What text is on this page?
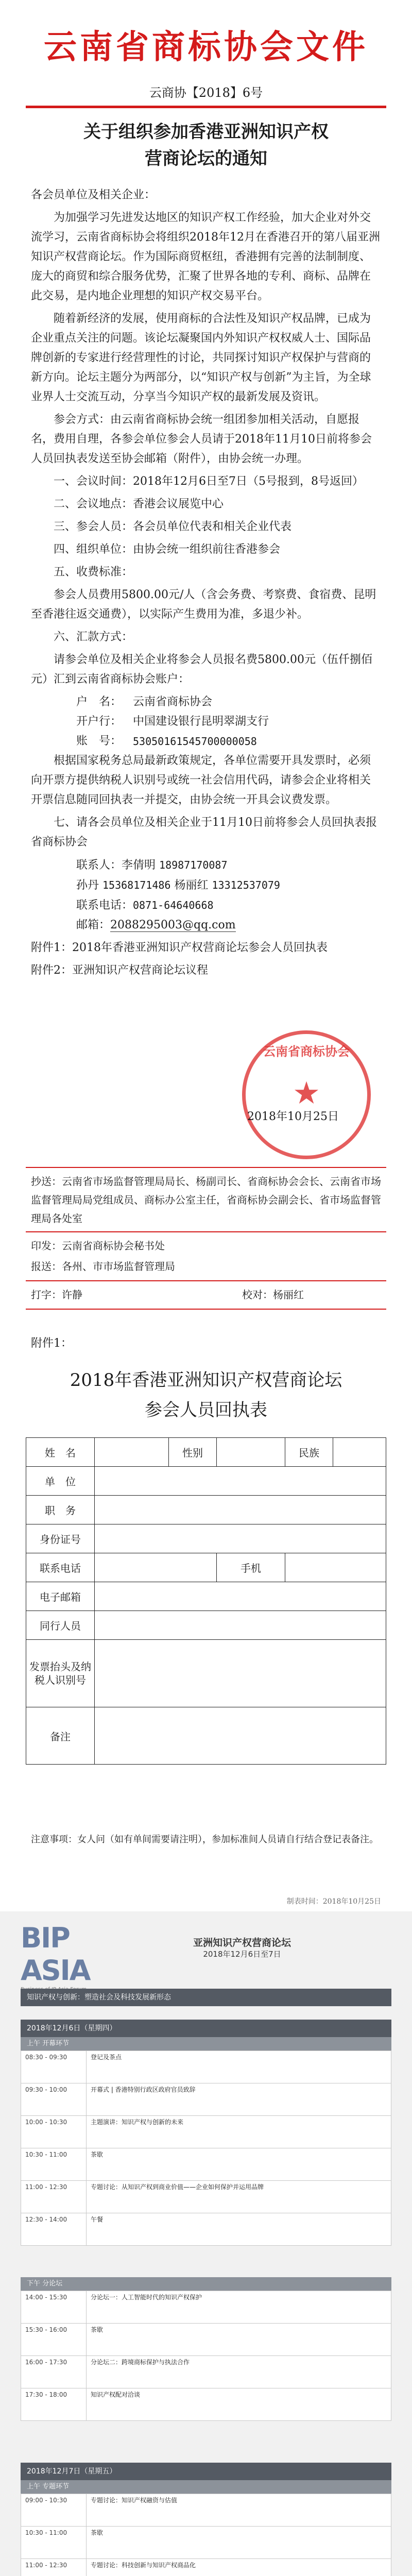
云南省商标协会文件
云商协【2018】6号
关于组织参加香港亚洲知识产权
营商论坛的通知

各会员单位及相关企业：

为加强学习先进发达地区的知识产权工作经验，加大企业对外交流学习，云南省商标协会将组织2018年12月在香港召开的第八届亚洲知识产权营商论坛。作为国际商贸枢纽，香港拥有完善的法制制度、庞大的商贸和综合服务优势，汇聚了世界各地的专利、商标、品牌在此交易，是内地企业理想的知识产权交易平台。

随着新经济的发展，使用商标的合法性及知识产权品牌，已成为企业重点关注的问题。该论坛凝聚国内外知识产权权威人士、国际品牌创新的专家进行经营理性的讨论，共同探讨知识产权保护与营商的新方向。论坛主题分为两部分，以“知识产权与创新”为主旨，为全球业界人士交流互动，分享当今知识产权的最新发展及资讯。

参会方式：由云南省商标协会统一组团参加相关活动，自愿报名，费用自理，各参会单位参会人员请于2018年11月10日前将参会人员回执表发送至协会邮箱（附件），由协会统一办理。

一、会议时间：2018年12月6日至7日（5号报到，8号返回）

二、会议地点：香港会议展览中心

三、参会人员：各会员单位代表和相关企业代表

四、组织单位：由协会统一组织前往香港参会

五、收费标准：

参会人员费用5800.00元/人（含会务费、考察费、食宿费、昆明至香港往返交通费），以实际产生费用为准，多退少补。

六、汇款方式：

请参会单位及相关企业将参会人员报名费5800.00元（伍仟捌佰元）汇到云南省商标协会账户：

户　名： 云南省商标协会
开户行： 中国建设银行昆明翠湖支行
账　号：	53050161545700000058

根据国家税务总局最新政策规定，各单位需要开具发票时，必须向开票方提供纳税人识别号或统一社会信用代码，请参会企业将相关开票信息随同回执表一并提交，由协会统一开具会议费发票。

七、请各会员单位及相关企业于11月10日前将参会人员回执表报省商标协会

联系人：李倩明 18987170087
孙丹 15368171486 杨丽红 13312537079
联系电话：0871-64640668
邮箱：2088295003@qq.com

附件1：2018年香港亚洲知识产权营商论坛参会人员回执表

附件2：亚洲知识产权营商论坛议程

云南省商标协会
★
2018年10月25日
抄送：云南省市场监督管理局局长、杨副司长、省商标协会会长、云南省市场监督管理局局党组成员、商标办公室主任，省商标协会副会长、省市场监督管理局各处室
印发：云南省商标协会秘书处
报送：各州、市市场监督管理局
打字：许静	校对：杨丽红
附件1：
2018年香港亚洲知识产权营商论坛
参会人员回执表
姓　名		性别		民族	
单　位					
职　务					
身份证号					
联系电话			手机		
电子邮箱					
同行人员					
发票抬头及纳税人识别号					
备注					
注意事项：女人问（如有单间需要请注明），参加标准间人员请自行结合登记表备注。
制表时间：2018年10月25日
BIP ASIA
亚洲知识产权营商论坛
2018年12月6日至7日
知识产权与创新：塑造社会及科技发展新形态
2018年12月6日（星期四）
上午 开幕环节
08:30 - 09:30	登记及茶点
09:30 - 10:00	开幕式 | 香港特别行政区政府官员致辞
10:00 - 10:30	主题演讲：知识产权与创新的未来
10:30 - 11:00	茶歇
11:00 - 12:30	专题讨论：从知识产权到商业价值——企业如何保护并运用品牌
12:30 - 14:00	午餐
下午 分论坛
14:00 - 15:30	分论坛一：人工智能时代的知识产权保护
15:30 - 16:00	茶歇
16:00 - 17:30	分论坛二：跨境商标保护与执法合作
17:30 - 18:00	知识产权配对洽谈
2018年12月7日（星期五）
上午 专题环节
09:00 - 10:30	专题讨论：知识产权融资与估值
10:30 - 11:00	茶歇
11:00 - 12:30	专题讨论：科技创新与知识产权商品化
